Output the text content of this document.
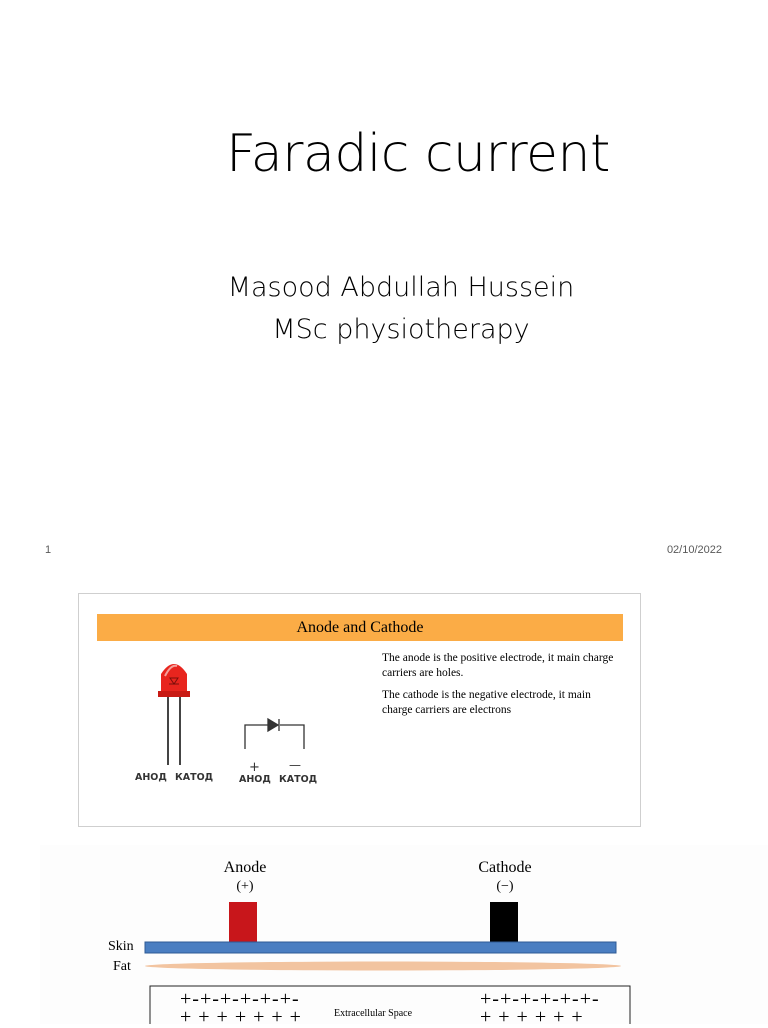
Faradic current
Masood Abdullah Hussein
MSc physiotherapy
1	02/10/2022
Anode and Cathode
The anode is the positive electrode, it main charge carriers are holes.
The cathode is the negative electrode, it main charge carriers are electrons
АНОД КАТОД
+ —
АНОД КАТОД
Anode
(+)
Cathode
(−)
Skin
Fat
+-+-+-+-+-+-
+ + + + + + +
+-+-+-+-+-+-
+ + + + + +
Extracellular Space
